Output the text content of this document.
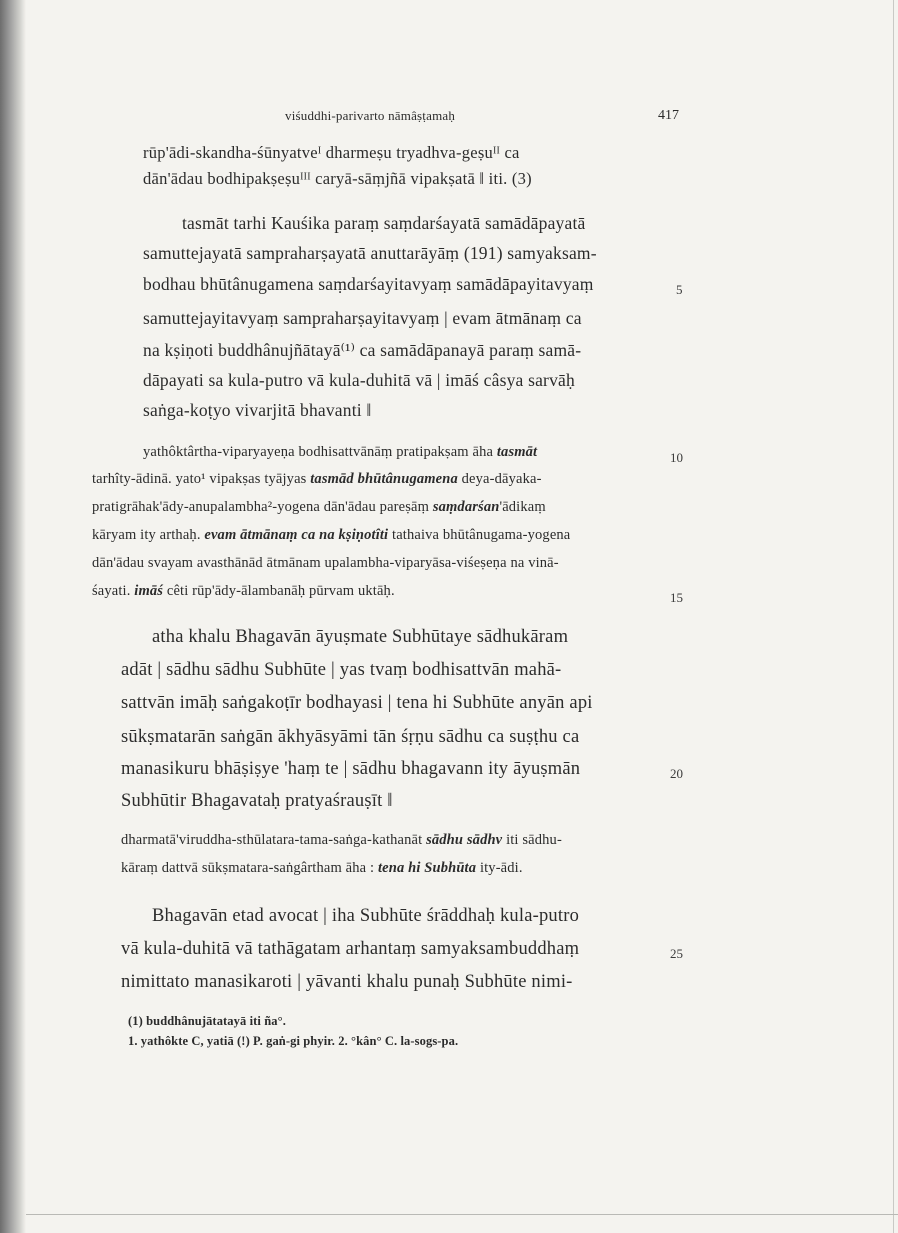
viśuddhi-parivarto nāmâṣṭamaḥ	417
rūp'ādi-skandha-śūnyatveᴵ dharmeṣu tryadhva-geṣuᴵᴵ ca
dān'ādau bodhipakṣeṣuᴵᴵᴵ caryā-sāṃjñā vipakṣatā ‖ iti. (3)
tasmāt tarhi Kauśika paraṃ saṃdarśayatā samādāpayatā
samuttejayatā sampraharṣayatā anuttarāyāṃ (191) samyaksam-
bodhau bhūtânugamena saṃdarśayitavyaṃ samādāpayitavyaṃ
samuttejayitavyaṃ sampraharṣayitavyaṃ | evam ātmānaṃ ca
na kṣiṇoti buddhânujñātayā⁽¹⁾ ca samādāpanayā paraṃ samā-
dāpayati sa kula-putro vā kula-duhitā vā | imāś câsya sarvāḥ
saṅga-koṭyo vivarjitā bhavanti ‖
yathôktârtha-viparyayeṇa bodhisattvānāṃ pratipakṣam āha tasmāt
tarhîty-ādinā. yato¹ vipakṣas tyājyas tasmād bhūtânugamena deya-dāyaka-
pratigrāhak'ādy-anupalambha²-yogena dān'ādau pareṣāṃ saṃdarśan'ādikaṃ
kāryam ity arthaḥ. evam ātmānaṃ ca na kṣiṇotîti tathaiva bhūtânugama-yogena
dān'ādau svayam avasthānād ātmānam upalambha-viparyāsa-viśeṣeṇa na vinā-
śayati. imāś cêti rūp'ādy-ālambanāḥ pūrvam uktāḥ.
atha khalu Bhagavān āyuṣmate Subhūtaye sādhukāram
adāt | sādhu sādhu Subhūte | yas tvaṃ bodhisattvān mahā-
sattvān imāḥ saṅgakoṭīr bodhayasi | tena hi Subhūte anyān api
sūkṣmatarān saṅgān ākhyāsyāmi tān śṛṇu sādhu ca suṣṭhu ca
manasikuru bhāṣiṣye 'haṃ te | sādhu bhagavann ity āyuṣmān
Subhūtir Bhagavataḥ pratyaśrauṣīt ‖
dharmatā'viruddha-sthūlatara-tama-saṅga-kathanāt sādhu sādhv iti sādhu-
kāraṃ dattvā sūkṣmatara-saṅgârtham āha : tena hi Subhūta ity-ādi.
Bhagavān etad avocat | iha Subhūte śrāddhaḥ kula-putro
vā kula-duhitā vā tathāgatam arhantaṃ samyaksambuddhaṃ
nimittato manasikaroti | yāvanti khalu punaḥ Subhūte nimi-
5
10
15
20
25
(1) buddhânujātatayā iti ña°.
1. yathôkte C, yatiā (!) P. gaṅ-gi phyir. 2. °kân° C. la-sogs-pa.
